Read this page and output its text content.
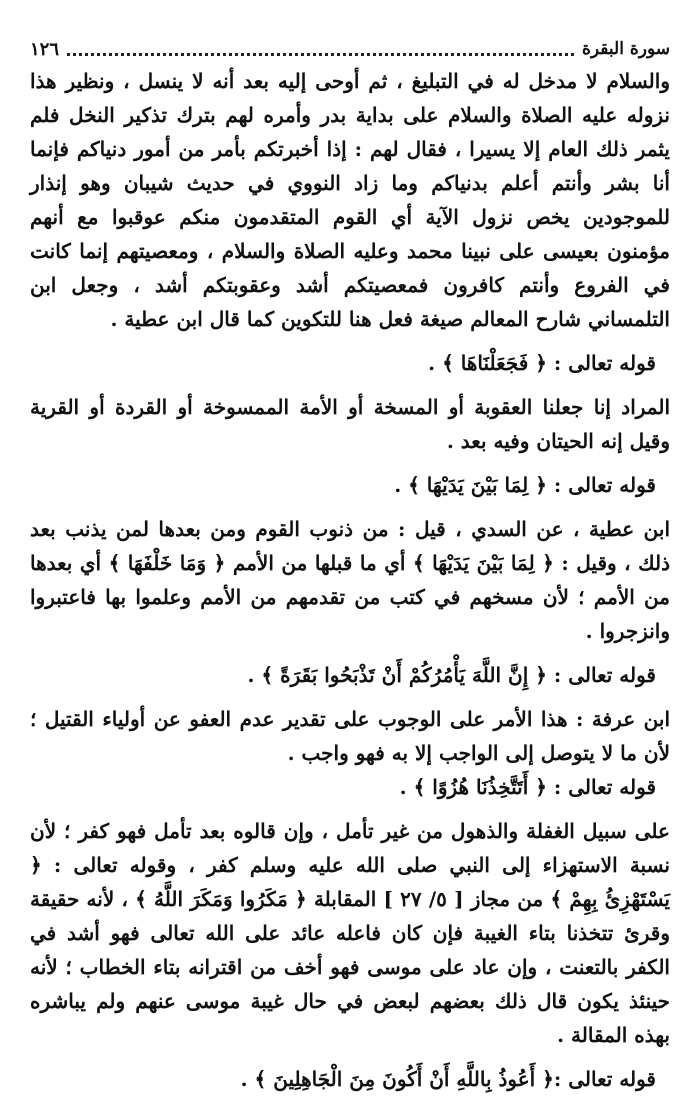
سورة البقرة
١٢٦

والسلام لا مدخل له في التبليغ ، ثم أوحى إليه بعد أنه لا ينسل ، ونظير هذا نزوله عليه الصلاة والسلام على بداية بدر وأمره لهم بترك تذكير النخل فلم يثمر ذلك العام إلا يسيرا ، فقال لهم : إذا أخبرتكم بأمر من أمور دنياكم فإنما أنا بشر وأنتم أعلم بدنياكم وما زاد النووي في حديث شيبان وهو إنذار للموجودين يخص نزول الآية أي القوم المتقدمون منكم عوقبوا مع أنهم مؤمنون بعيسى على نبينا محمد وعليه الصلاة والسلام ، ومعصيتهم إنما كانت في الفروع وأنتم كافرون فمعصيتكم أشد وعقوبتكم أشد ، وجعل ابن التلمساني شارح المعالم صيغة فعل هنا للتكوين كما قال ابن عطية .

قوله تعالى : ﴿ فَجَعَلْنَاهَا ﴾ .

المراد إنا جعلنا العقوبة أو المسخة أو الأمة الممسوخة أو القردة أو القرية وقيل إنه الحيتان وفيه بعد .

قوله تعالى : ﴿ لِمَا بَيْنَ يَدَيْهَا ﴾ .

ابن عطية ، عن السدي ، قيل : من ذنوب القوم ومن بعدها لمن يذنب بعد ذلك ، وقيل : ﴿ لِمَا بَيْنَ يَدَيْهَا ﴾ أي ما قبلها من الأمم ﴿ وَمَا خَلْفَهَا ﴾ أي بعدها من الأمم ؛ لأن مسخهم في كتب من تقدمهم من الأمم وعلموا بها فاعتبروا وانزجروا .

قوله تعالى : ﴿ إِنَّ اللَّهَ يَأْمُرُكُمْ أَنْ تَذْبَحُوا بَقَرَةً ﴾ .

ابن عرفة : هذا الأمر على الوجوب على تقدير عدم العفو عن أولياء القتيل ؛ لأن ما لا يتوصل إلى الواجب إلا به فهو واجب .

قوله تعالى : ﴿ أَتَتَّخِذُنَا هُزُوًا ﴾ .

على سبيل الغفلة والذهول من غير تأمل ، وإن قالوه بعد تأمل فهو كفر ؛ لأن نسبة الاستهزاء إلى النبي صلى الله عليه وسلم كفر ، وقوله تعالى : ﴿ يَسْتَهْزِئُ بِهِمْ ﴾ من مجاز [ ٥/ ٢٧ ] المقابلة ﴿ مَكَرُوا وَمَكَرَ اللَّهُ ﴾ ، لأنه حقيقة وقرئ تتخذنا بتاء الغيبة فإن كان فاعله عائد على الله تعالى فهو أشد في الكفر بالتعنت ، وإن عاد على موسى فهو أخف من اقترانه بتاء الخطاب ؛ لأنه حينئذ يكون قال ذلك بعضهم لبعض في حال غيبة موسى عنهم ولم يباشره بهذه المقالة .

قوله تعالى :﴿ أَعُوذُ بِاللَّهِ أَنْ أَكُونَ مِنَ الْجَاهِلِينَ ﴾ .
